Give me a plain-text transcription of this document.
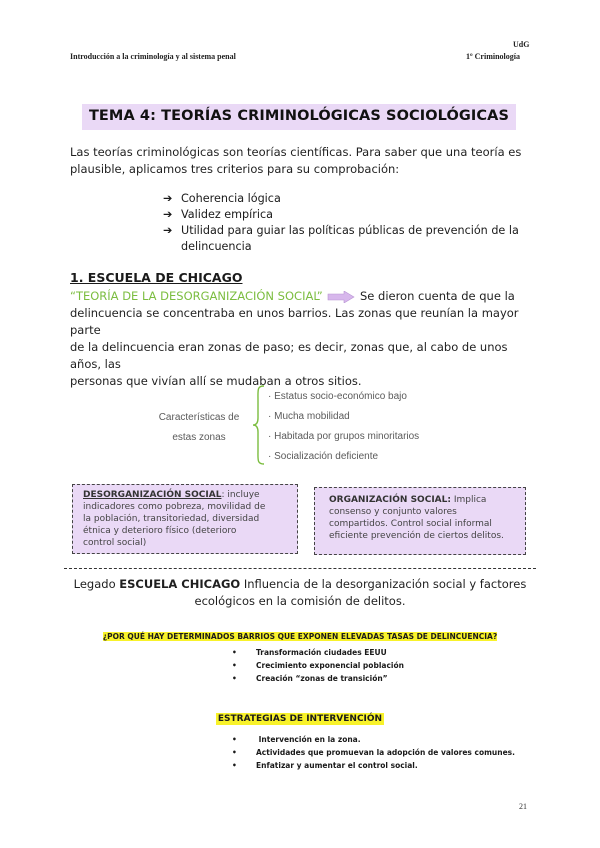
Introducción a la criminología y al sistema penal
UdG
1º Criminología
TEMA 4: TEORÍAS CRIMINOLÓGICAS SOCIOLÓGICAS
Las teorías criminológicas son teorías científicas. Para saber que una teoría es
plausible, aplicamos tres criterios para su comprobación:
➔ Coherencia lógica
➔ Validez empírica
➔ Utilidad para guiar las políticas públicas de prevención de la
delincuencia
1. ESCUELA DE CHICAGO
“TEORÍA DE LA DESORGANIZACIÓN SOCIAL”	Se dieron cuenta de que la
delincuencia se concentraba en unos barrios. Las zonas que reunían la mayor parte
de la delincuencia eran zonas de paso; es decir, zonas que, al cabo de unos años, las
personas que vivían allí se mudaban a otros sitios.
Características de
estas zonas
· Estatus socio-económico bajo
· Mucha mobilidad
· Habitada por grupos minoritarios
· Socialización deficiente
DESORGANIZACIÓN SOCIAL: incluye
indicadores como pobreza, movilidad de
la población, transitoriedad, diversidad
étnica y deterioro físico (deterioro
control social)
ORGANIZACIÓN SOCIAL: Implica
consenso y conjunto valores
compartidos. Control social informal
eficiente prevención de ciertos delitos.
Legado ESCUELA CHICAGO Influencia de la desorganización social y factores
ecológicos en la comisión de delitos.
¿POR QUÉ HAY DETERMINADOS BARRIOS QUE EXPONEN ELEVADAS TASAS DE DELINCUENCIA?
•	Transformación ciudades EEUU
•	Crecimiento exponencial población
•	Creación “zonas de transición”
ESTRATEGIAS DE INTERVENCIÓN
•	Intervención en la zona.
•	Actividades que promuevan la adopción de valores comunes.
•	Enfatizar y aumentar el control social.
21
